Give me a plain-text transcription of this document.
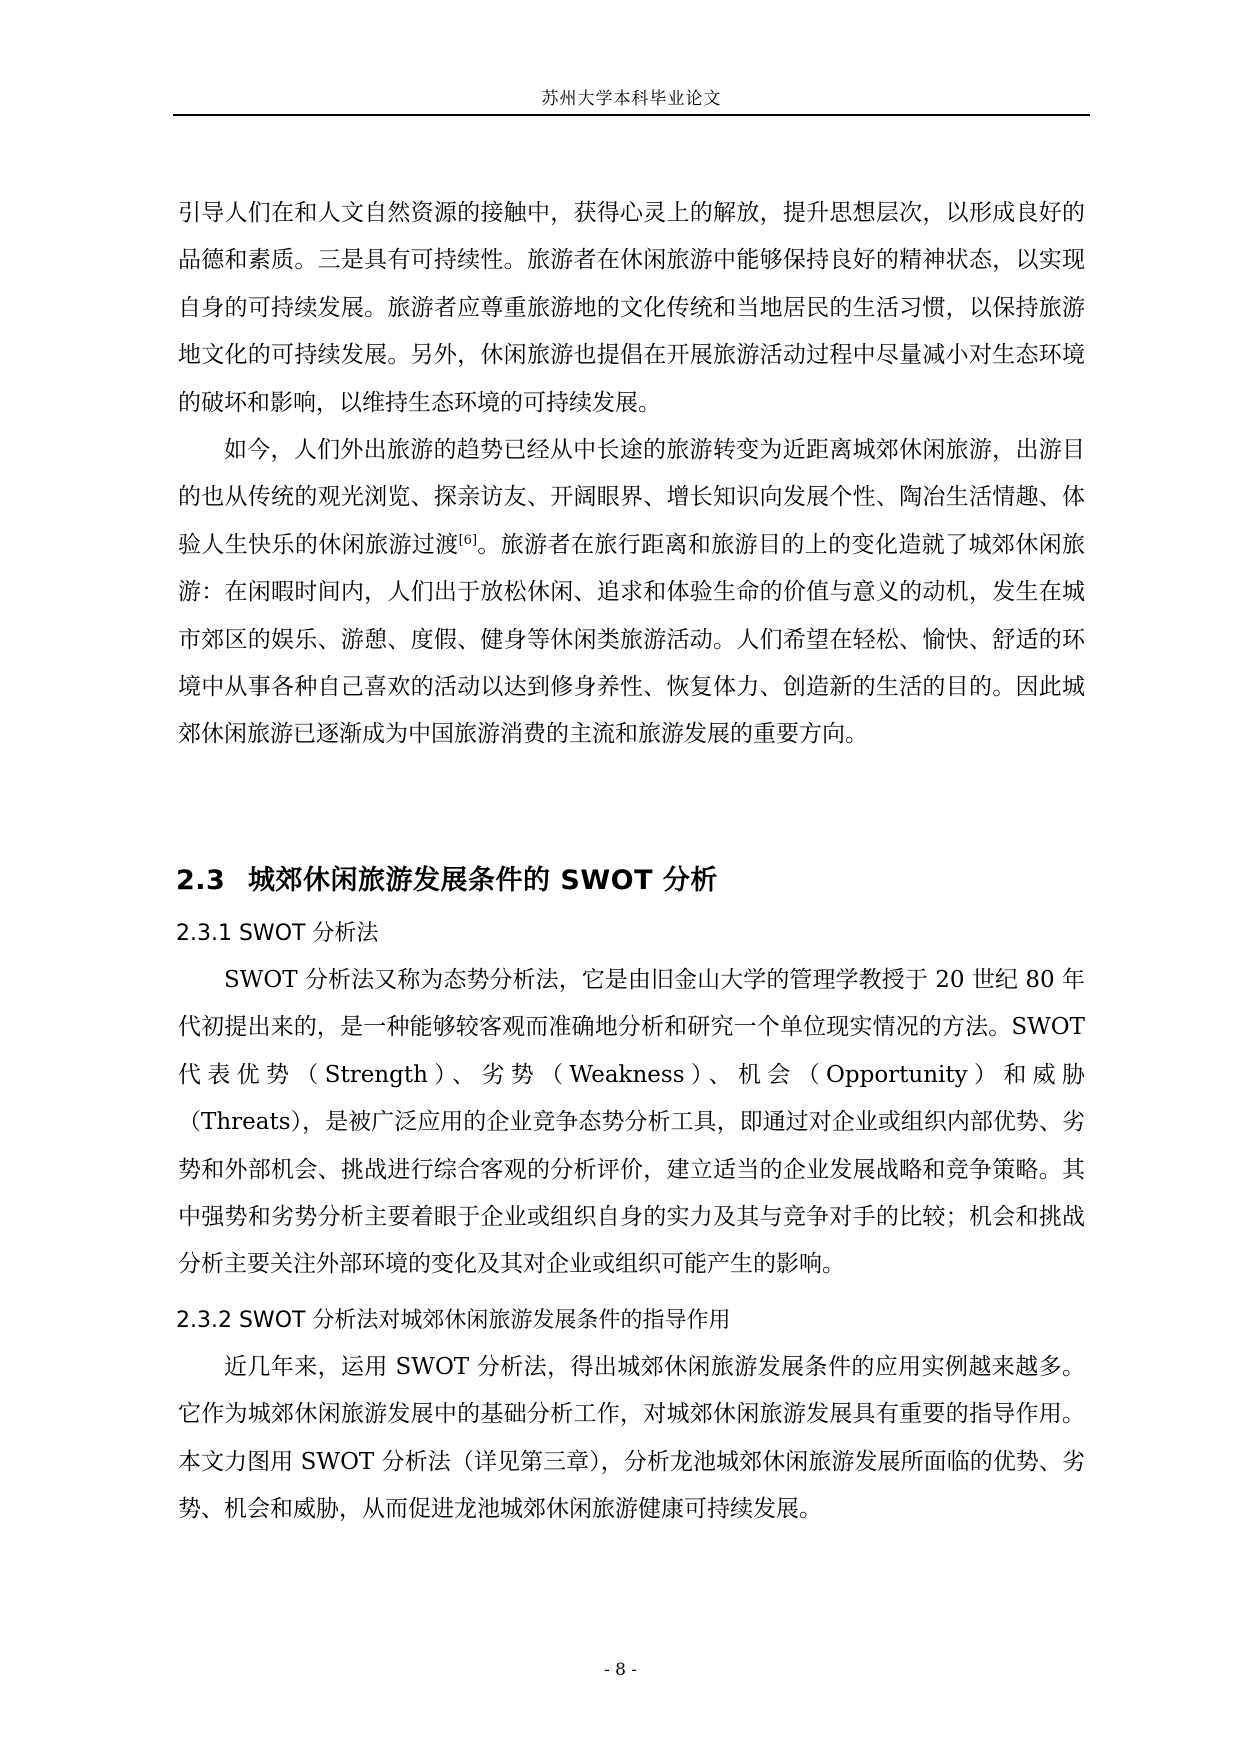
苏州大学本科毕业论文

引导人们在和人文自然资源的接触中，获得心灵上的解放，提升思想层次，以形成良好的品德和素质。三是具有可持续性。旅游者在休闲旅游中能够保持良好的精神状态，以实现自身的可持续发展。旅游者应尊重旅游地的文化传统和当地居民的生活习惯，以保持旅游地文化的可持续发展。另外，休闲旅游也提倡在开展旅游活动过程中尽量减小对生态环境的破坏和影响，以维持生态环境的可持续发展。

如今，人们外出旅游的趋势已经从中长途的旅游转变为近距离城郊休闲旅游，出游目的也从传统的观光浏览、探亲访友、开阔眼界、增长知识向发展个性、陶冶生活情趣、体验人生快乐的休闲旅游过渡[6]。旅游者在旅行距离和旅游目的上的变化造就了城郊休闲旅游：在闲暇时间内，人们出于放松休闲、追求和体验生命的价值与意义的动机，发生在城市郊区的娱乐、游憩、度假、健身等休闲类旅游活动。人们希望在轻松、愉快、舒适的环境中从事各种自己喜欢的活动以达到修身养性、恢复体力、创造新的生活的目的。因此城郊休闲旅游已逐渐成为中国旅游消费的主流和旅游发展的重要方向。

2.3 城郊休闲旅游发展条件的 SWOT 分析
2.3.1 SWOT 分析法

SWOT 分析法又称为态势分析法，它是由旧金山大学的管理学教授于 20 世纪 80 年代初提出来的，是一种能够较客观而准确地分析和研究一个单位现实情况的方法。SWOT 代表优势（Strength）、劣势（Weakness）、机会（Opportunity）和威胁（Threats），是被广泛应用的企业竞争态势分析工具，即通过对企业或组织内部优势、劣势和外部机会、挑战进行综合客观的分析评价，建立适当的企业发展战略和竞争策略。其中强势和劣势分析主要着眼于企业或组织自身的实力及其与竞争对手的比较；机会和挑战分析主要关注外部环境的变化及其对企业或组织可能产生的影响。

2.3.2 SWOT 分析法对城郊休闲旅游发展条件的指导作用

近几年来，运用 SWOT 分析法，得出城郊休闲旅游发展条件的应用实例越来越多。它作为城郊休闲旅游发展中的基础分析工作，对城郊休闲旅游发展具有重要的指导作用。本文力图用 SWOT 分析法（详见第三章），分析龙池城郊休闲旅游发展所面临的优势、劣势、机会和威胁，从而促进龙池城郊休闲旅游健康可持续发展。

- 8 -
